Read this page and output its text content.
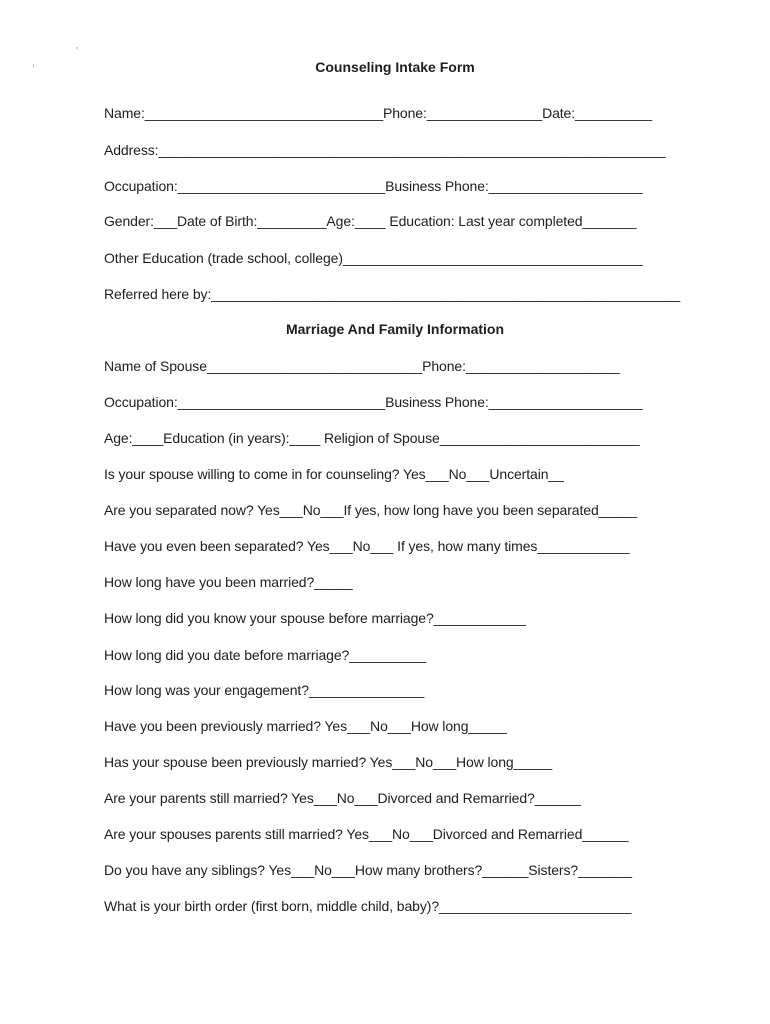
,
'
Counseling Intake Form
Name:_______________________________Phone:_______________Date:__________
Address:__________________________________________________________________
Occupation:___________________________Business Phone:____________________
Gender:___Date of Birth:_________Age:____ Education: Last year completed_______
Other Education (trade school, college)_______________________________________
Referred here by:_____________________________________________________________
Marriage And Family Information
Name of Spouse____________________________Phone:____________________
Occupation:___________________________Business Phone:____________________
Age:____Education (in years):____ Religion of Spouse__________________________
Is your spouse willing to come in for counseling? Yes___No___Uncertain__
Are you separated now? Yes___No___If yes, how long have you been separated_____
Have you even been separated? Yes___No___ If yes, how many times____________
How long have you been married?_____
How long did you know your spouse before marriage?____________
How long did you date before marriage?__________
How long was your engagement?_______________
Have you been previously married? Yes___No___How long_____
Has your spouse been previously married? Yes___No___How long_____
Are your parents still married? Yes___No___Divorced and Remarried?______
Are your spouses parents still married? Yes___No___Divorced and Remarried______
Do you have any siblings? Yes___No___How many brothers?______Sisters?_______
What is your birth order (first born, middle child, baby)?_________________________
